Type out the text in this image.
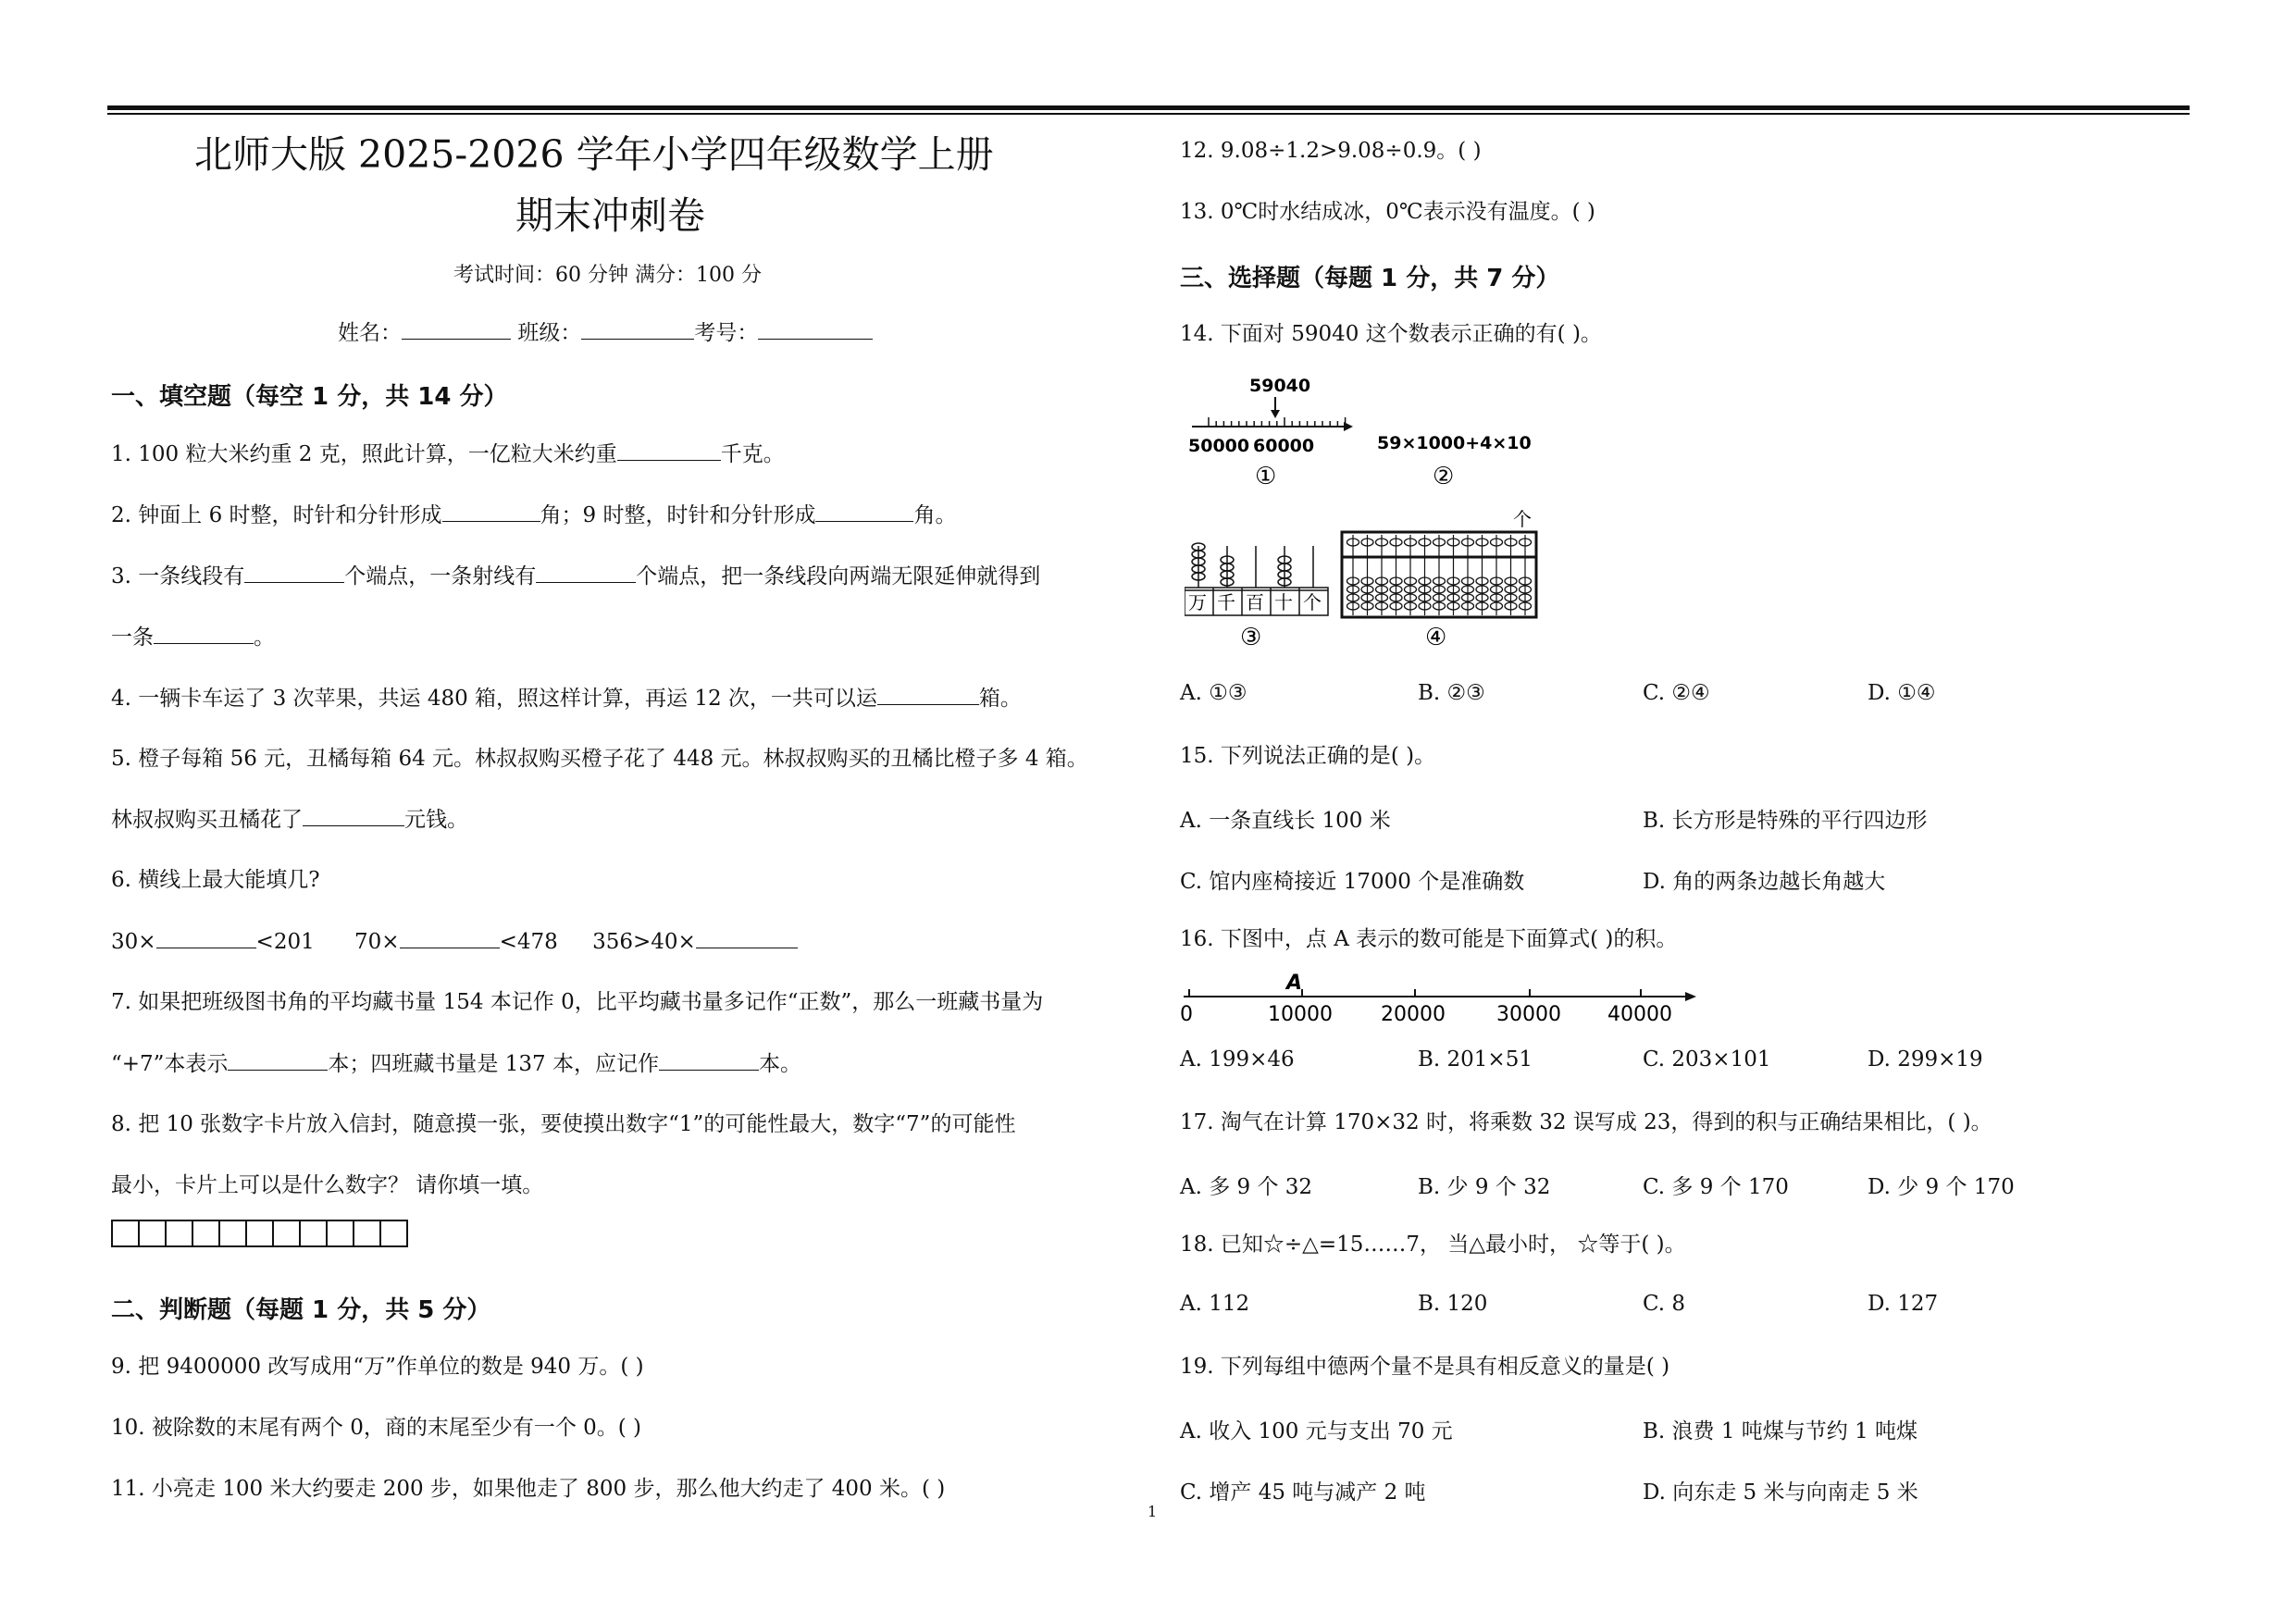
北师大版 2025-2026 学年小学四年级数学上册
期末冲刺卷
考试时间：60 分钟 满分：100 分
姓名：	班级：	考号：
一、填空题（每空 1 分，共 14 分）
1. 100 粒大米约重 2 克，照此计算，一亿粒大米约重	千克。
2. 钟面上 6 时整，时针和分针形成	角；9 时整，时针和分针形成	角。
3. 一条线段有	个端点，一条射线有	个端点，把一条线段向两端无限延伸就得到
一条	。
4. 一辆卡车运了 3 次苹果，共运 480 箱，照这样计算，再运 12 次，一共可以运	箱。
5. 橙子每箱 56 元，丑橘每箱 64 元。林叔叔购买橙子花了 448 元。林叔叔购买的丑橘比橙子多 4 箱。
林叔叔购买丑橘花了	元钱。
6. 横线上最大能填几?
30×	<201 70×	<478 356>40×
7. 如果把班级图书角的平均藏书量 154 本记作 0，比平均藏书量多记作“正数”，那么一班藏书量为
“+7”本表示	本；四班藏书量是 137 本，应记作	本。
8. 把 10 张数字卡片放入信封，随意摸一张，要使摸出数字“1”的可能性最大，数字“7”的可能性
最小，卡片上可以是什么数字？ 请你填一填。
二、判断题（每题 1 分，共 5 分）
9. 把 9400000 改写成用“万”作单位的数是 940 万。( )
10. 被除数的末尾有两个 0，商的末尾至少有一个 0。( )
11. 小亮走 100 米大约要走 200 步，如果他走了 800 步，那么他大约走了 400 米。( )
12. 9.08÷1.2>9.08÷0.9。( )
13. 0℃时水结成冰，0℃表示没有温度。( )
三、选择题（每题 1 分，共 7 分）
14. 下面对 59040 这个数表示正确的有( )。
59040
50000 60000
①
59×1000+4×10
②
万 千 百 十 个
③
个
④
A. ①③	B. ②③	C. ②④	D. ①④
15. 下列说法正确的是( )。
A. 一条直线长 100 米	B. 长方形是特殊的平行四边形
C. 馆内座椅接近 17000 个是准确数	D. 角的两条边越长角越大
16. 下图中，点 A 表示的数可能是下面算式( )的积。
A
0	10000 20000	30000 40000
A. 199×46	B. 201×51	C. 203×101	D. 299×19
17. 淘气在计算 170×32 时，将乘数 32 误写成 23，得到的积与正确结果相比，( )。
A. 多 9 个 32	B. 少 9 个 32	C. 多 9 个 170	D. 少 9 个 170
18. 已知☆÷△=15……7， 当△最小时， ☆等于( )。
A. 112	B. 120	C. 8	D. 127
19. 下列每组中德两个量不是具有相反意义的量是( )
A. 收入 100 元与支出 70 元	B. 浪费 1 吨煤与节约 1 吨煤
C. 增产 45 吨与减产 2 吨	D. 向东走 5 米与向南走 5 米
1
